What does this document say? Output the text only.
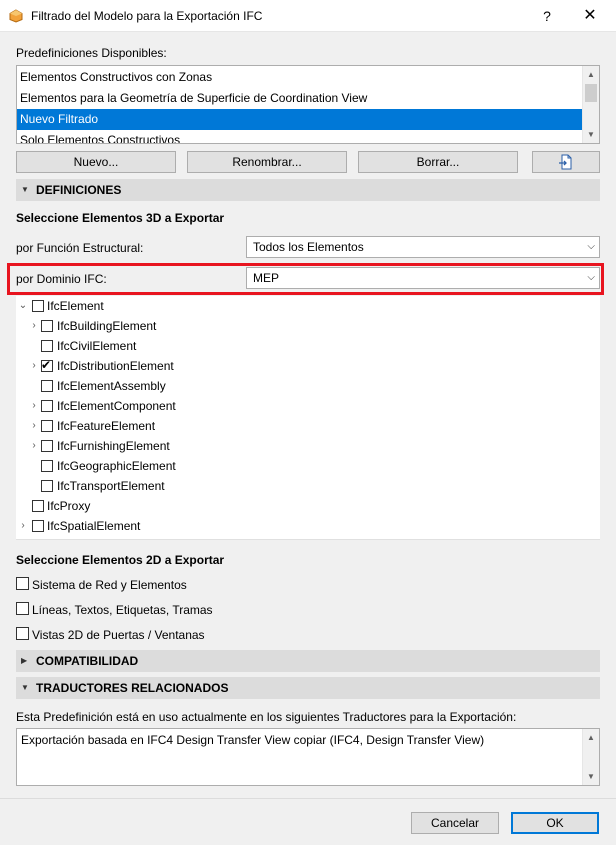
Filtrado del Modelo para la Exportación IFC	?	✕
Predefiniciones Disponibles:
Elementos Constructivos con Zonas
Elementos para la Geometría de Superficie de Coordination View
Nuevo Filtrado
Solo Elementos Constructivos
▲
▼
Nuevo...	Renombrar...	Borrar...
▼ DEFINICIONES
Seleccione Elementos 3D a Exportar
por Función Estructural:	Todos los Elementos	⌵
por Dominio IFC:	MEP	⌵
⌄ IfcElement
› IfcBuildingElement
IfcCivilElement
› ✔ IfcDistributionElement
IfcElementAssembly
› IfcElementComponent
› IfcFeatureElement
› IfcFurnishingElement
IfcGeographicElement
IfcTransportElement
IfcProxy
› IfcSpatialElement
Seleccione Elementos 2D a Exportar
Sistema de Red y Elementos
Líneas, Textos, Etiquetas, Tramas
Vistas 2D de Puertas / Ventanas
▶ COMPATIBILIDAD
▼ TRADUCTORES RELACIONADOS
Esta Predefinición está en uso actualmente en los siguientes Traductores para la Exportación:
Exportación basada en IFC4 Design Transfer View copiar (IFC4, Design Transfer View)	▲
▼
Cancelar	OK
